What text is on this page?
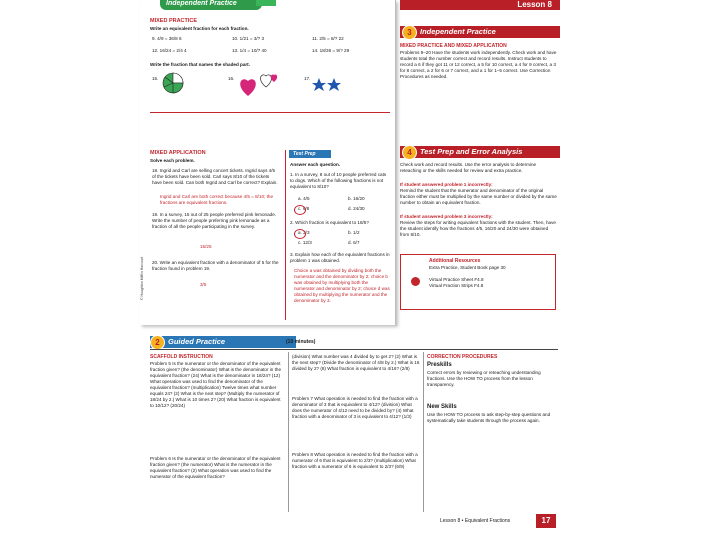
Independent Practice
MIXED PRACTICE
Write an equivalent fraction for each fraction.
9. 4/9 = 36/8 6	10. 1/21 = 3/? 3	11. 2/5 = 8/? 22
12. 16/24 = 2/4 4	13. 1/4 = 10/? 40	14. 18/36 = 9/? 29
Write the fraction that names the shaded part.
15.	16.	17.
MIXED APPLICATION
Solve each problem.
18. Ingrid and Carl are selling concert tickets. Ingrid says 4/5 of the tickets have been sold. Carl says 8/10 of the tickets have been sold. Can both Ingrid and Carl be correct? Explain.
Ingrid and Carl are both correct because 4/5 = 8/10; the fractions are equivalent fractions.
19. In a survey, 15 out of 25 people preferred pink lemonade. Write the number of people preferring pink lemonade as a fraction of all the people participating in the survey.
15/25
20. Write an equivalent fraction with a denominator of 5 for the fraction found in problem 19.
3/5
© Houghton Mifflin Harcourt
Test Prep
Answer each question.
1. In a survey, 8 out of 10 people preferred cats to dogs. Which of the following fractions is not equivalent to 8/10?
a. 4/5	b. 16/20
c. 6/8	d. 24/30
2. Which fraction is equivalent to 18/5?
a. 2/3	b. 1/2
c. 12/3	d. 6/7
3. Explain how each of the equivalent fractions in problem 1 was obtained.
Choice a was obtained by dividing both the numerator and the denominator by 2; choice b was obtained by multiplying both the numerator and denominator by 2; choice d was obtained by multiplying the numerator and the denominator by 3.
Lesson 8
Independent Practice
3
MIXED PRACTICE AND MIXED APPLICATION
Problems 9–20 Have the students work independently. Check work and have students total the number correct and record results. Instruct students to record a 6 if they got 11 or 12 correct, a 5 for 10 correct, a 4 for 9 correct, a 3 for 8 correct, a 2 for 6 or 7 correct, and a 1 for 1–5 correct. Use Correction Procedures as needed.
Test Prep and Error Analysis
4
Check work and record results. Use the error analysis to determine reteaching or the skills needed for review and extra practice.
If student answered problem 1 incorrectly:
Remind the student that the numerator and denominator of the original fraction either must be multiplied by the same number or divided by the same number to obtain an equivalent fraction.
If student answered problem 3 incorrectly:
Review the steps for writing equivalent fractions with the student. Then, have the student identify how the fractions 4/5, 16/20 and 24/30 were obtained from 8/10.
Additional Resources
Extra Practice, Student Book page 30
Virtual Practice Sheet F4.8
Virtual Fraction Strips F4.8
Guided Practice
2	(10 minutes)
SCAFFOLD INSTRUCTION
Problem 5 Is the numerator or the denominator of the equivalent fraction given? (the denominator) What is the denominator in the equivalent fraction? (24) What is the denominator in 18/24? (12) What operation was used to find the denominator of the equivalent fraction? (multiplication) Twelve times what number equals 24? (2) What is the next step? (Multiply the numerator of 18/24 by 2.) What is 10 times 2? (20) What fraction is equivalent to 10/12? (20/24)
Problem 6 Is the numerator or the denominator of the equivalent fraction given? (the numerator) What is the numerator in the equivalent fraction? (2) What operation was used to find the numerator of the equivalent fraction?
(division) What number was 4 divided by to get 2? (2) What is the next step? (Divide the denominator of 4/8 by 2.) What is 16 divided by 2? (8) What fraction is equivalent to 4/16? (2/8)
Problem 7 What operation is needed to find the fraction with a denominator of 3 that is equivalent to 4/12? (division) What does the numerator of 4/12 need to be divided by? (4) What fraction with a denominator of 3 is equivalent to 4/12? (1/3)
Problem 8 What operation is needed to find the fraction with a numerator of 6 that is equivalent to 2/3? (multiplication) What fraction with a numerator of 6 is equivalent to 2/3? (6/9)
CORRECTION PROCEDURES
Preskills
Correct errors by reviewing or reteaching understanding fractions. Use the HOW TO process from the lesson transparency.
New Skills
Use the HOW TO process to ask step-by-step questions and systematically take students through the process again.
Lesson 8 • Equivalent Fractions	17
